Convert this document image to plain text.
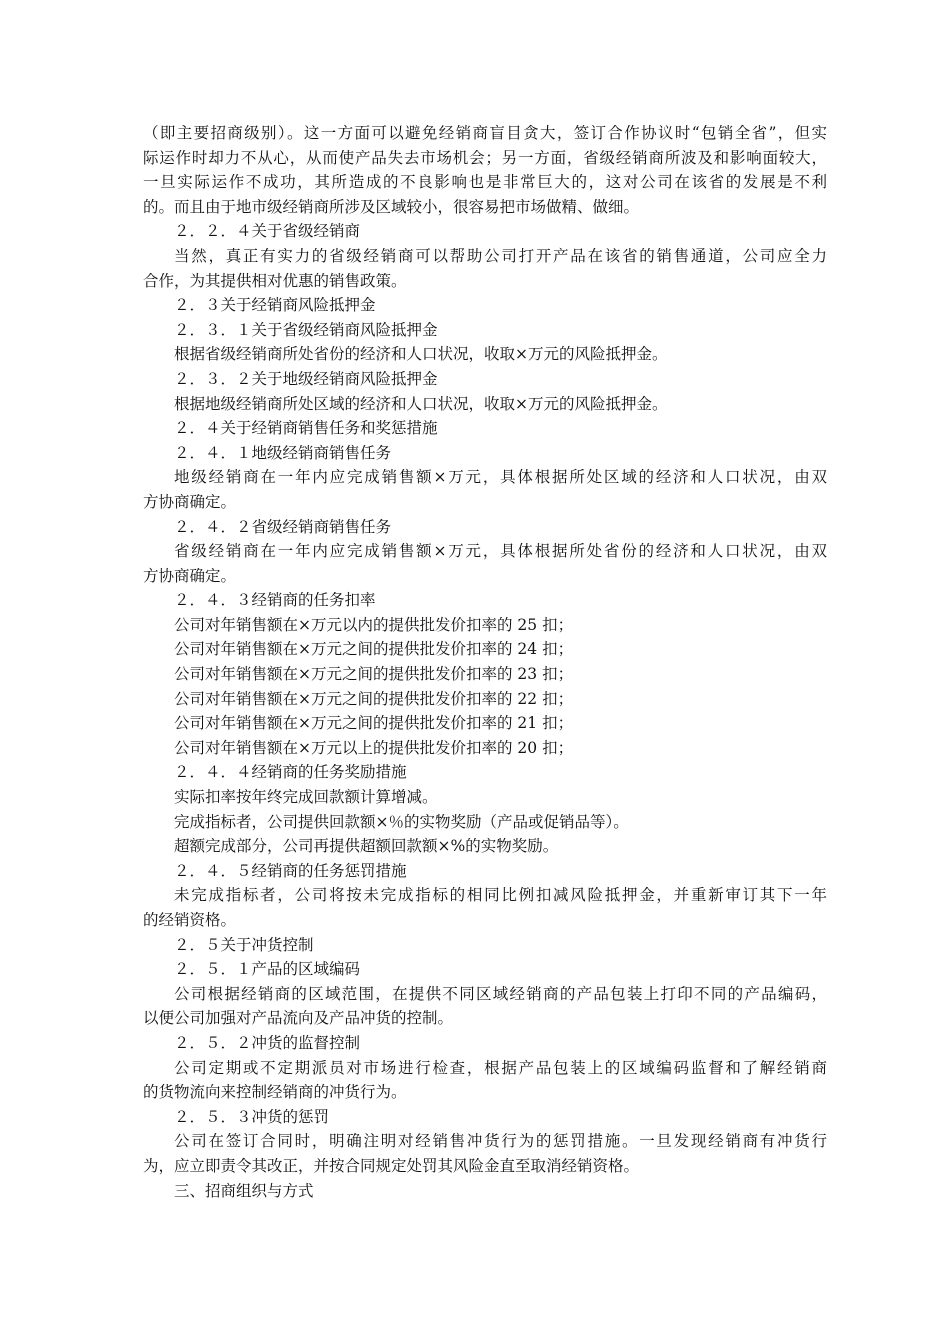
（即主要招商级别）。这一方面可以避免经销商盲目贪大，签订合作协议时“包销全省”，但实
际运作时却力不从心，从而使产品失去市场机会；另一方面，省级经销商所波及和影响面较大，
一旦实际运作不成功，其所造成的不良影响也是非常巨大的，这对公司在该省的发展是不利
的。而且由于地市级经销商所涉及区域较小，很容易把市场做精、做细。
２．２．４关于省级经销商
当然，真正有实力的省级经销商可以帮助公司打开产品在该省的销售通道，公司应全力
合作，为其提供相对优惠的销售政策。
２．３关于经销商风险抵押金
２．３．１关于省级经销商风险抵押金
根据省级经销商所处省份的经济和人口状况，收取×万元的风险抵押金。
２．３．２关于地级经销商风险抵押金
根据地级经销商所处区域的经济和人口状况，收取×万元的风险抵押金。
２．４关于经销商销售任务和奖惩措施
２．４．１地级经销商销售任务
地级经销商在一年内应完成销售额×万元，具体根据所处区域的经济和人口状况，由双
方协商确定。
２．４．２省级经销商销售任务
省级经销商在一年内应完成销售额×万元，具体根据所处省份的经济和人口状况，由双
方协商确定。
２．４．３经销商的任务扣率
公司对年销售额在×万元以内的提供批发价扣率的 25 扣；
公司对年销售额在×万元之间的提供批发价扣率的 24 扣；
公司对年销售额在×万元之间的提供批发价扣率的 23 扣；
公司对年销售额在×万元之间的提供批发价扣率的 22 扣；
公司对年销售额在×万元之间的提供批发价扣率的 21 扣；
公司对年销售额在×万元以上的提供批发价扣率的 20 扣；
２．４．４经销商的任务奖励措施
实际扣率按年终完成回款额计算增减。
完成指标者，公司提供回款额×％的实物奖励（产品或促销品等）。
超额完成部分，公司再提供超额回款额×%的实物奖励。
２．４．５经销商的任务惩罚措施
未完成指标者，公司将按未完成指标的相同比例扣减风险抵押金，并重新审订其下一年
的经销资格。
２．５关于冲货控制
２．５．１产品的区域编码
公司根据经销商的区域范围，在提供不同区域经销商的产品包装上打印不同的产品编码，
以便公司加强对产品流向及产品冲货的控制。
２．５．２冲货的监督控制
公司定期或不定期派员对市场进行检查，根据产品包装上的区域编码监督和了解经销商
的货物流向来控制经销商的冲货行为。
２．５．３冲货的惩罚
公司在签订合同时，明确注明对经销售冲货行为的惩罚措施。一旦发现经销商有冲货行
为，应立即责令其改正，并按合同规定处罚其风险金直至取消经销资格。
三、招商组织与方式
